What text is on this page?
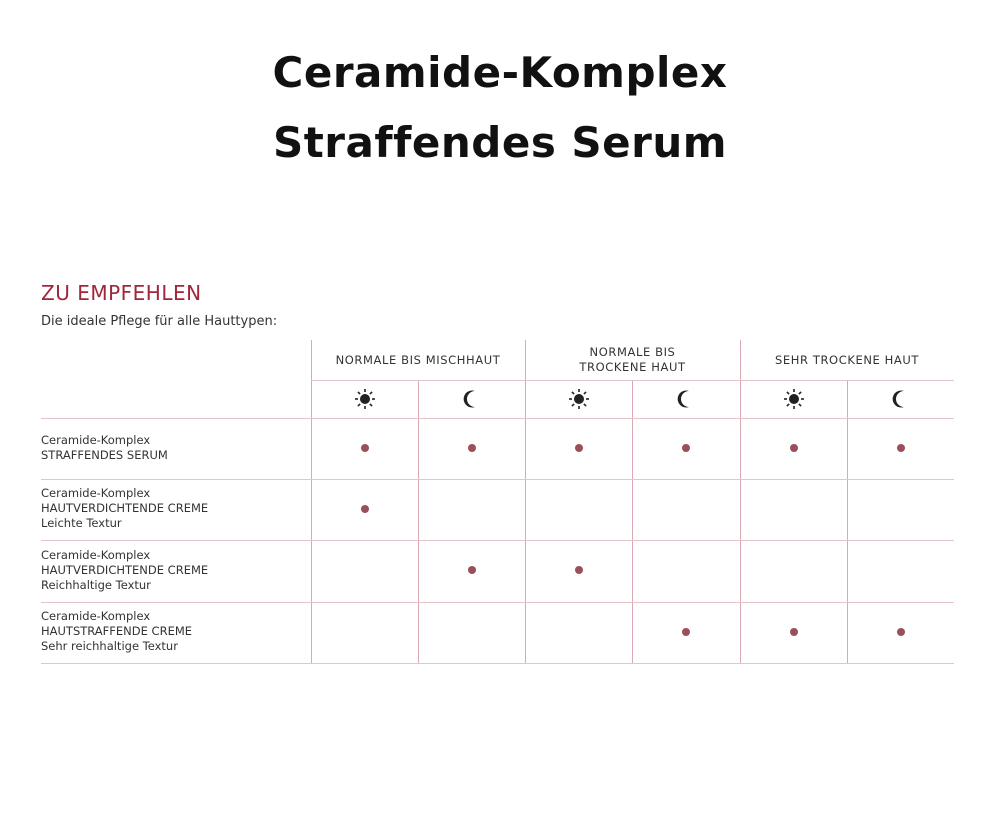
Ceramide-Komplex
Straffendes Serum
ZU EMPFEHLEN
Die ideale Pflege für alle Hauttypen:
NORMALE BIS MISCHHAUT
NORMALE BIS
TROCKENE HAUT
SEHR TROCKENE HAUT
Ceramide-Komplex
STRAFFENDES SERUM
Ceramide-Komplex
HAUTVERDICHTENDE CREME
Leichte Textur
Ceramide-Komplex
HAUTVERDICHTENDE CREME
Reichhaltige Textur
Ceramide-Komplex
HAUTSTRAFFENDE CREME
Sehr reichhaltige Textur
